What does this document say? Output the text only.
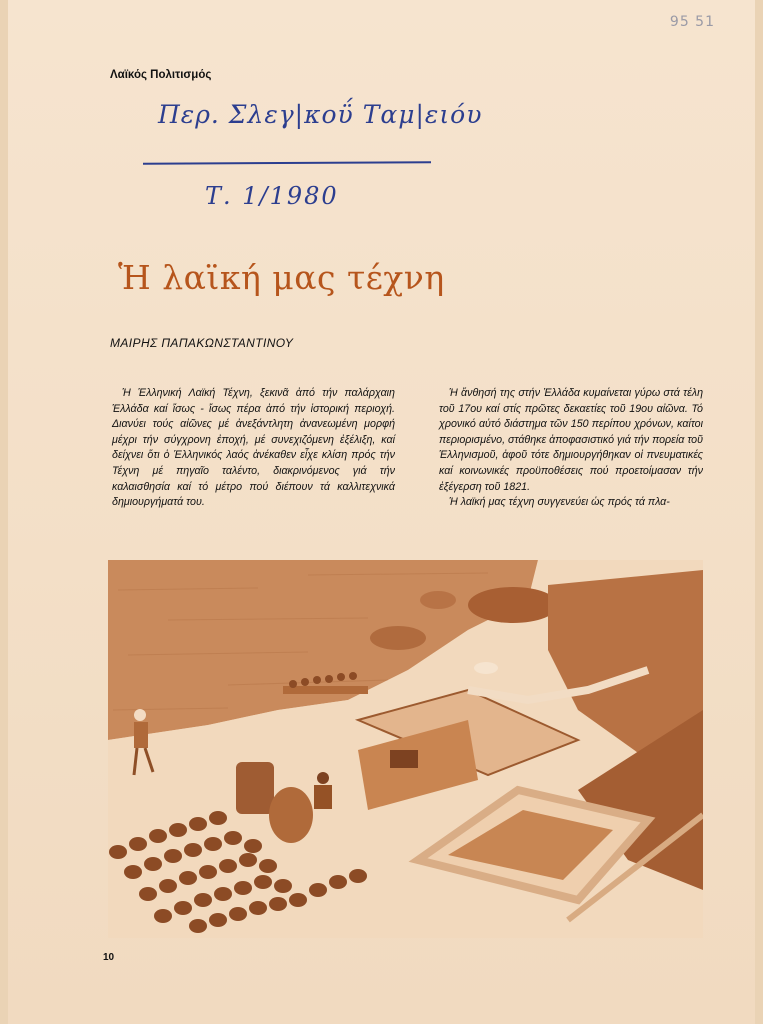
95 51
Λαϊκός Πολιτισμός
Περ. Σλεγ|κοΰ Ταμ|ειόυ
Τ. 1/1980
Ἡ λαϊκή μας τέχνη
ΜΑΙΡΗΣ ΠΑΠΑΚΩΝΣΤΑΝΤΙΝΟΥ

Ἡ Ἑλληνική Λαϊκή Τέχνη, ξεκινᾶ ἀπό τήν παλάρχαιη Ἑλλάδα καί ἴσως - ἴσως πέρα ἀπό τήν ἱστορική περιοχή. Διανύει τούς αἰῶνες μέ ἀνεξάντλητη ἀνανεωμένη μορφή μέχρι τήν σύγχρονη ἐποχή, μέ συνεχιζόμενη ἐξέλιξη, καί δείχνει ὅτι ὁ Ἑλληνικός λαός ἀνέκαθεν εἶχε κλίση πρός τήν Τέχνη μέ πηγαῖο ταλέντο, διακρινόμενος γιά τήν καλαισθησία καί τό μέτρο πού διέπουν τά καλλιτεχνικά δημιουργήματά του.

Ἡ ἄνθησή της στήν Ἑλλάδα κυμαίνεται γύρω στά τέλη τοῦ 17ου καί στίς πρῶτες δεκαετίες τοῦ 19ου αἰῶνα. Τό χρονικό αὐτό διάστημα τῶν 150 περίπου χρόνων, καίτοι περιορισμένο, στάθηκε ἀποφασιστικό γιά τήν πορεία τοῦ Ἑλληνισμοῦ, ἀφοῦ τότε δημιουργήθηκαν οἱ πνευματικές καί κοινωνικές προϋποθέσεις πού προετοίμασαν τήν ἐξέγερση τοῦ 1821.

Ἡ λαϊκή μας τέχνη συγγενεύει ὡς πρός τά πλα-

10
